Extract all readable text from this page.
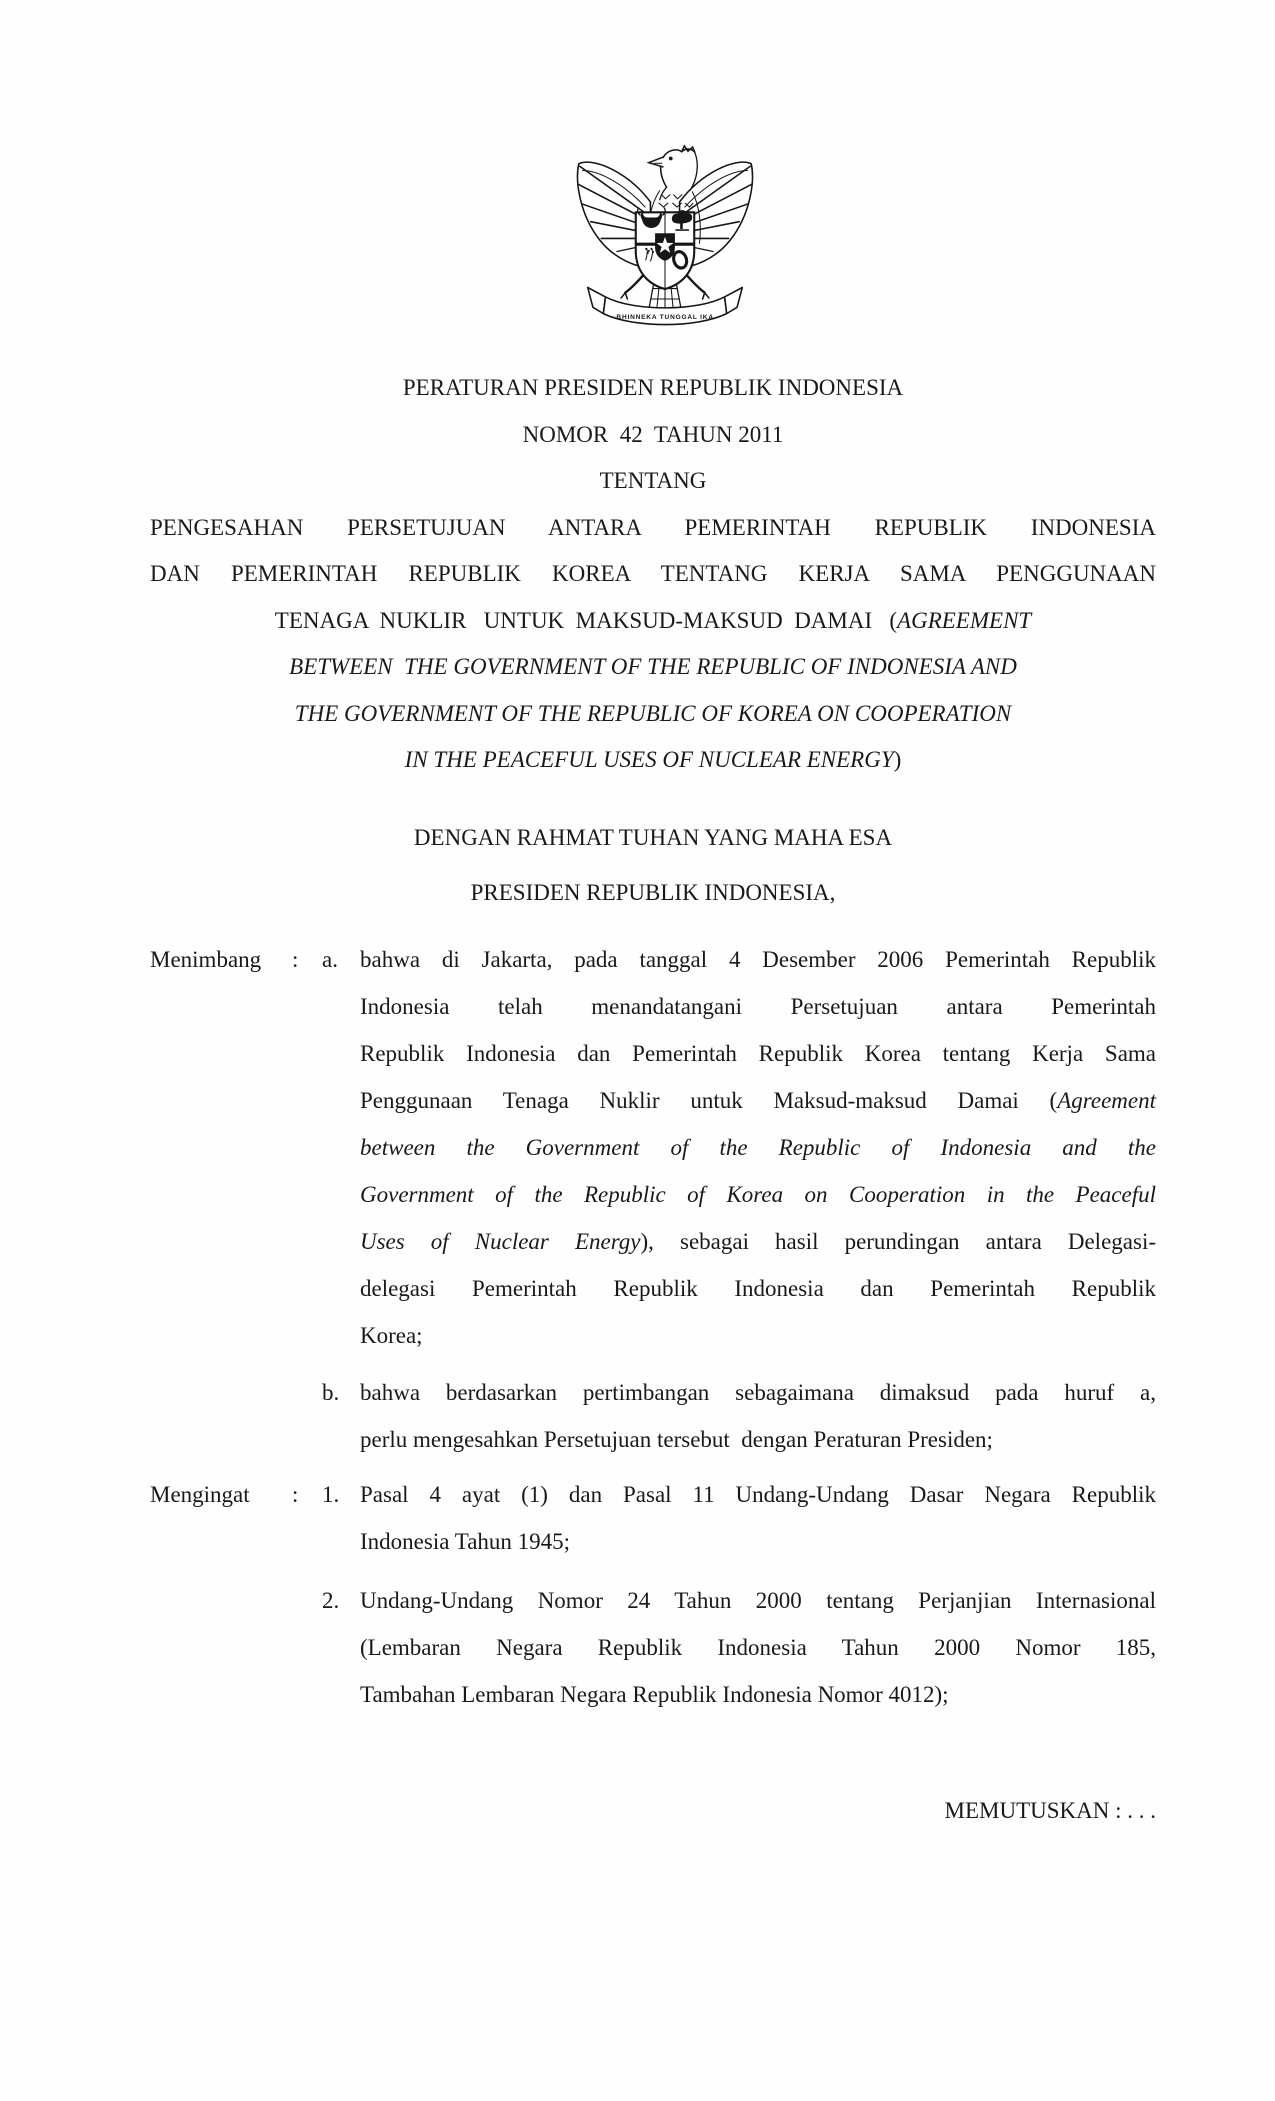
BHINNEKA TUNGGAL IKA
PERATURAN PRESIDEN REPUBLIK INDONESIA
NOMOR  42  TAHUN 2011
TENTANG
PENGESAHAN PERSETUJUAN ANTARA PEMERINTAH REPUBLIK INDONESIA
DAN PEMERINTAH REPUBLIK KOREA TENTANG KERJA SAMA PENGGUNAAN
TENAGA  NUKLIR   UNTUK  MAKSUD-MAKSUD  DAMAI   (AGREEMENT
BETWEEN  THE GOVERNMENT OF THE REPUBLIC OF INDONESIA AND
THE GOVERNMENT OF THE REPUBLIC OF KOREA ON COOPERATION
IN THE PEACEFUL USES OF NUCLEAR ENERGY)
DENGAN RAHMAT TUHAN YANG MAHA ESA
PRESIDEN REPUBLIK INDONESIA,
Menimbang	:	a. bahwa di Jakarta, pada tanggal 4 Desember 2006 Pemerintah Republik
Indonesia telah menandatangani Persetujuan antara Pemerintah
Republik Indonesia dan Pemerintah Republik Korea tentang Kerja Sama
Penggunaan Tenaga Nuklir untuk Maksud-maksud Damai (Agreement
between the Government of the Republic of Indonesia and the
Government of the Republic of Korea on Cooperation in the Peaceful
Uses of Nuclear Energy), sebagai hasil perundingan antara Delegasi-
delegasi Pemerintah Republik Indonesia dan Pemerintah Republik
Korea;
b. bahwa berdasarkan pertimbangan sebagaimana dimaksud pada huruf a,
perlu mengesahkan Persetujuan tersebut  dengan Peraturan Presiden;
Mengingat	:	1. Pasal 4 ayat (1) dan Pasal 11 Undang-Undang Dasar Negara Republik
Indonesia Tahun 1945;
2. Undang-Undang Nomor 24 Tahun 2000 tentang Perjanjian Internasional
(Lembaran Negara Republik Indonesia Tahun 2000 Nomor 185,
Tambahan Lembaran Negara Republik Indonesia Nomor 4012);
MEMUTUSKAN : . . .
